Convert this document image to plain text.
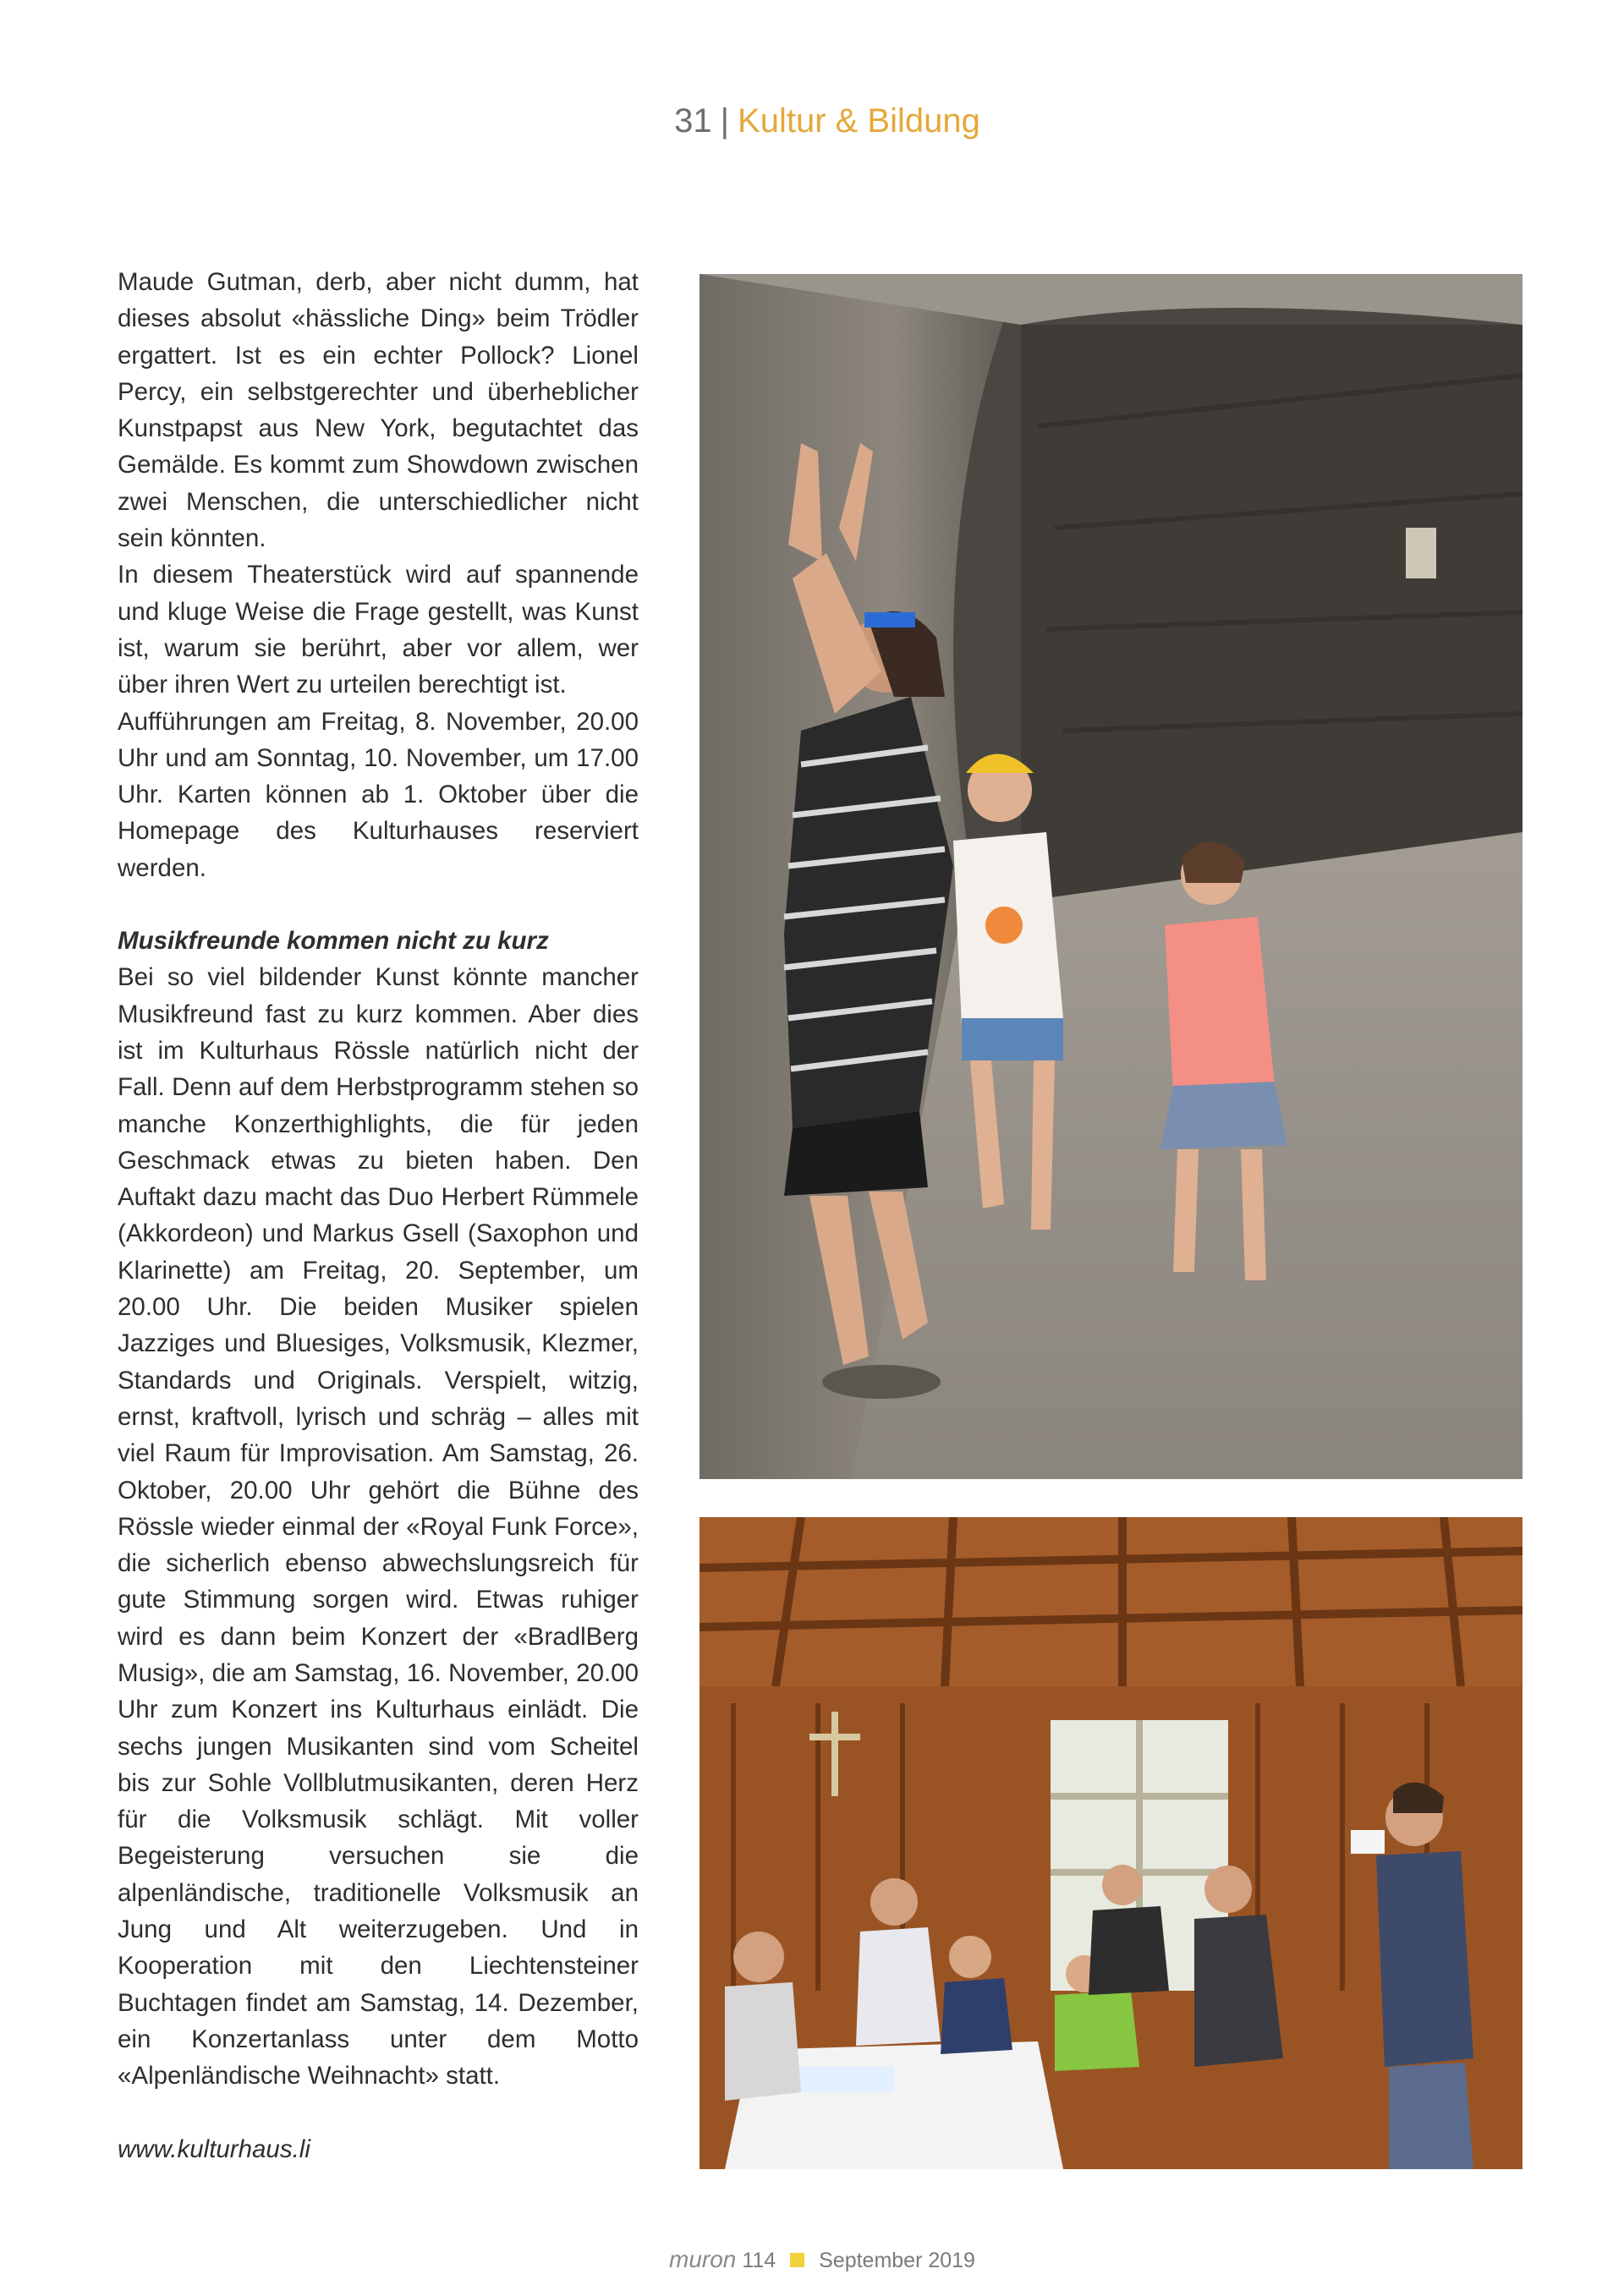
31 | Kultur & Bildung

Maude Gutman, derb, aber nicht dumm, hat dieses absolut «hässliche Ding» beim Trödler ergattert. Ist es ein echter Pollock? Lionel Percy, ein selbstgerechter und überheblicher Kunstpapst aus New York, begutachtet das Gemälde. Es kommt zum Showdown zwischen zwei Menschen, die unterschiedlicher nicht sein könnten.

In diesem Theaterstück wird auf spannende und kluge Weise die Frage gestellt, was Kunst ist, warum sie berührt, aber vor allem, wer über ihren Wert zu urteilen berechtigt ist.

Aufführungen am Freitag, 8. November, 20.00 Uhr und am Sonntag, 10. November, um 17.00 Uhr. Karten können ab 1. Oktober über die Homepage des Kulturhauses reserviert werden.

Musikfreunde kommen nicht zu kurz

Bei so viel bildender Kunst könnte mancher Musikfreund fast zu kurz kommen. Aber dies ist im Kulturhaus Rössle natürlich nicht der Fall. Denn auf dem Herbstprogramm stehen so manche Konzerthighlights, die für jeden Geschmack etwas zu bieten haben. Den Auftakt dazu macht das Duo Herbert Rümmele (Akkordeon) und Markus Gsell (Saxophon und Klarinette) am Freitag, 20. September, um 20.00 Uhr. Die beiden Musiker spielen Jazziges und Bluesiges, Volksmusik, Klezmer, Standards und Originals. Verspielt, witzig, ernst, kraftvoll, lyrisch und schräg – alles mit viel Raum für Improvisation. Am Samstag, 26. Oktober, 20.00 Uhr gehört die Bühne des Rössle wieder einmal der «Royal Funk Force», die sicherlich ebenso abwechslungsreich für gute Stimmung sorgen wird. Etwas ruhiger wird es dann beim Konzert der «BradlBerg Musig», die am Samstag, 16. November, 20.00 Uhr zum Konzert ins Kulturhaus einlädt. Die sechs jungen Musikanten sind vom Scheitel bis zur Sohle Vollblutmusikanten, deren Herz für die Volksmusik schlägt. Mit voller Begeisterung versuchen sie die alpenländische, traditionelle Volksmusik an Jung und Alt weiterzugeben. Und in Kooperation mit den Liechtensteiner Buchtagen findet am Samstag, 14. Dezember, ein Konzertanlass unter dem Motto «Alpenländische Weihnacht» statt.

www.kulturhaus.li

muron 114 September 2019
